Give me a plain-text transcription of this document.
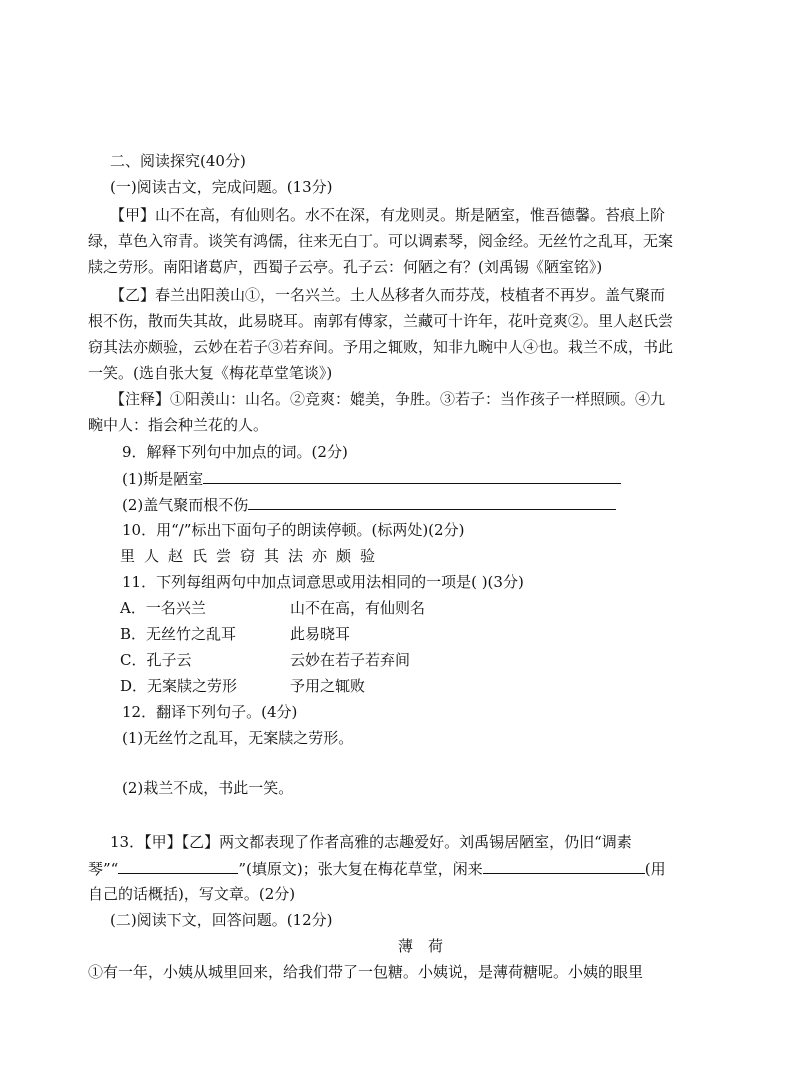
二、阅读探究(40分)
(一)阅读古文，完成问题。(13分)
【甲】山不在高，有仙则名。水不在深，有龙则灵。斯是陋室，惟吾德馨。苔痕上阶
绿，草色入帘青。谈笑有鸿儒，往来无白丁。可以调素琴，阅金经。无丝竹之乱耳，无案
牍之劳形。南阳诸葛庐，西蜀子云亭。孔子云：何陋之有？(刘禹锡《陋室铭》)
【乙】春兰出阳羡山①，一名兴兰。土人丛移者久而芬茂，枝植者不再岁。盖气聚而
根不伤，散而失其故，此易晓耳。南郭有傅家，兰藏可十许年，花叶竞爽②。里人赵氏尝
窃其法亦颇验，云妙在若子③若弃间。予用之辄败，知非九畹中人④也。栽兰不成，书此
一笑。(选自张大复《梅花草堂笔谈》)
【注释】①阳羡山：山名。②竞爽：媲美，争胜。③若子：当作孩子一样照顾。④九
畹中人：指会种兰花的人。
9．解释下列句中加点的词。(2分)
(1)斯是陋室
(2)盖气聚而根不伤
10．用“/”标出下面句子的朗读停顿。(标两处)(2分)
里人赵氏尝窃其法亦颇验
11．下列每组两句中加点词意思或用法相同的一项是( )(3分)
A．一名兴兰	山不在高，有仙则名
B．无丝竹之乱耳	此易晓耳
C．孔子云	云妙在若子若弃间
D．无案牍之劳形	予用之辄败
12．翻译下列句子。(4分)
(1)无丝竹之乱耳，无案牍之劳形。
(2)栽兰不成，书此一笑。
13．【甲】【乙】两文都表现了作者高雅的志趣爱好。刘禹锡居陋室，仍旧“调素
琴”“	”(填原文)；张大复在梅花草堂，闲来	(用
自己的话概括)，写文章。(2分)
(二)阅读下文，回答问题。(12分)
薄荷
①有一年，小姨从城里回来，给我们带了一包糖。小姨说，是薄荷糖呢。小姨的眼里
